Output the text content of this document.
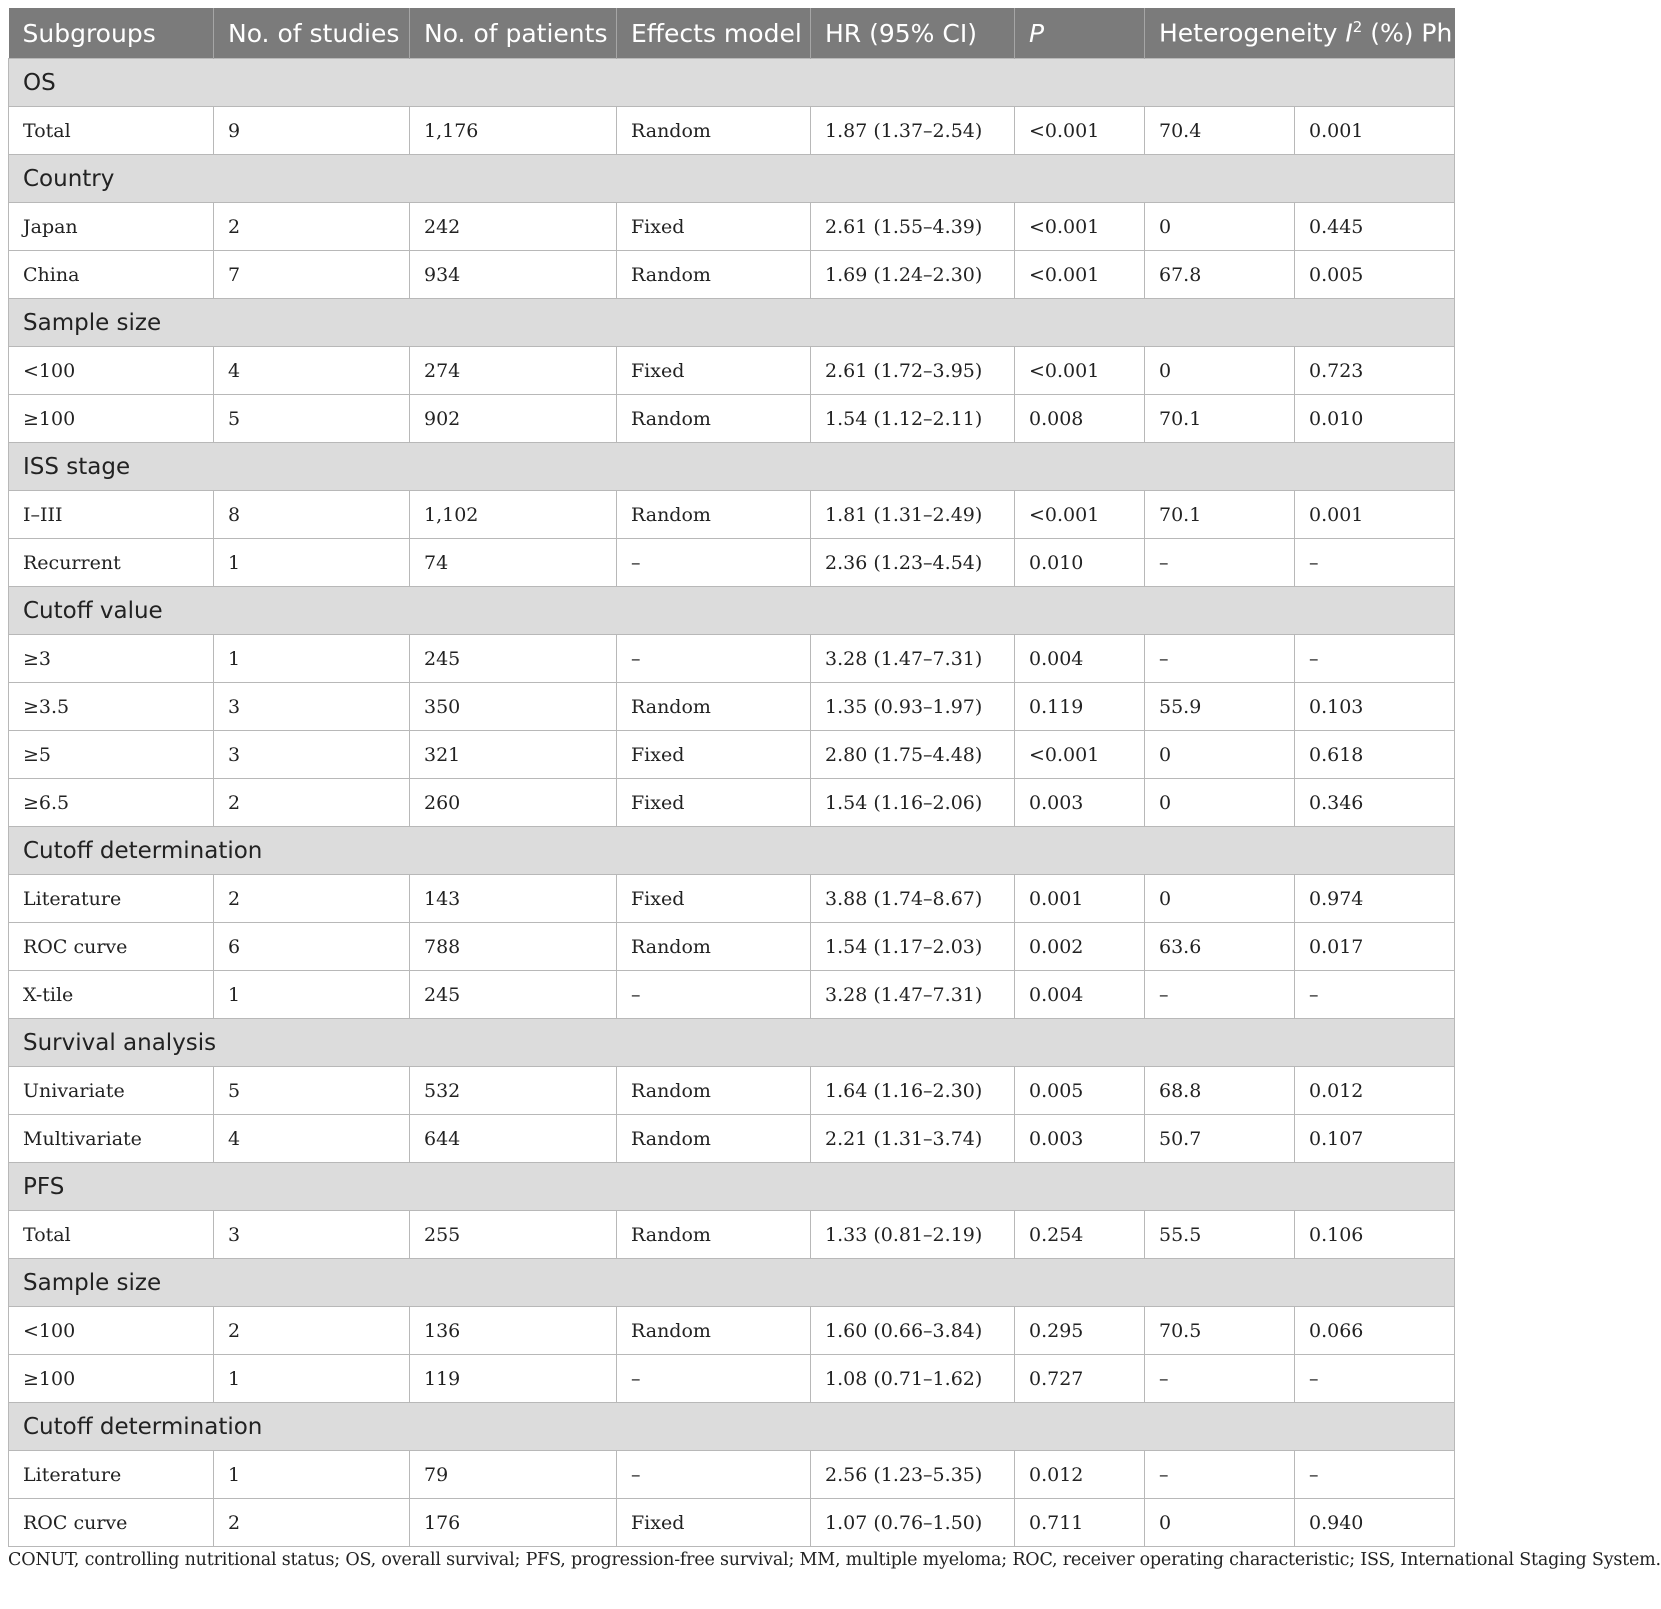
Subgroups	No. of studies	No. of patients	Effects model	HR (95% CI)	P	Heterogeneity $I^2$ (%) Ph	
OS							
Total	9	1,176	Random	1.87 (1.37–2.54)	<0.001	70.4	0.001
Country							
Japan	2	242	Fixed	2.61 (1.55–4.39)	<0.001	0	0.445
China	7	934	Random	1.69 (1.24–2.30)	<0.001	67.8	0.005
Sample size							
<100	4	274	Fixed	2.61 (1.72–3.95)	<0.001	0	0.723
≥100	5	902	Random	1.54 (1.12–2.11)	0.008	70.1	0.010
ISS stage							
I–III	8	1,102	Random	1.81 (1.31–2.49)	<0.001	70.1	0.001
Recurrent	1	74	–	2.36 (1.23–4.54)	0.010	–	–
Cutoff value							
≥3	1	245	–	3.28 (1.47–7.31)	0.004	–	–
≥3.5	3	350	Random	1.35 (0.93–1.97)	0.119	55.9	0.103
≥5	3	321	Fixed	2.80 (1.75–4.48)	<0.001	0	0.618
≥6.5	2	260	Fixed	1.54 (1.16–2.06)	0.003	0	0.346
Cutoff determination							
Literature	2	143	Fixed	3.88 (1.74–8.67)	0.001	0	0.974
ROC curve	6	788	Random	1.54 (1.17–2.03)	0.002	63.6	0.017
X-tile	1	245	–	3.28 (1.47–7.31)	0.004	–	–
Survival analysis							
Univariate	5	532	Random	1.64 (1.16–2.30)	0.005	68.8	0.012
Multivariate	4	644	Random	2.21 (1.31–3.74)	0.003	50.7	0.107
PFS							
Total	3	255	Random	1.33 (0.81–2.19)	0.254	55.5	0.106
Sample size							
<100	2	136	Random	1.60 (0.66–3.84)	0.295	70.5	0.066
≥100	1	119	–	1.08 (0.71–1.62)	0.727	–	–
Cutoff determination							
Literature	1	79	–	2.56 (1.23–5.35)	0.012	–	–
ROC curve	2	176	Fixed	1.07 (0.76–1.50)	0.711	0	0.940
CONUT, controlling nutritional status; OS, overall survival; PFS, progression-free survival; MM, multiple myeloma; ROC, receiver operating characteristic; ISS, International Staging System.
